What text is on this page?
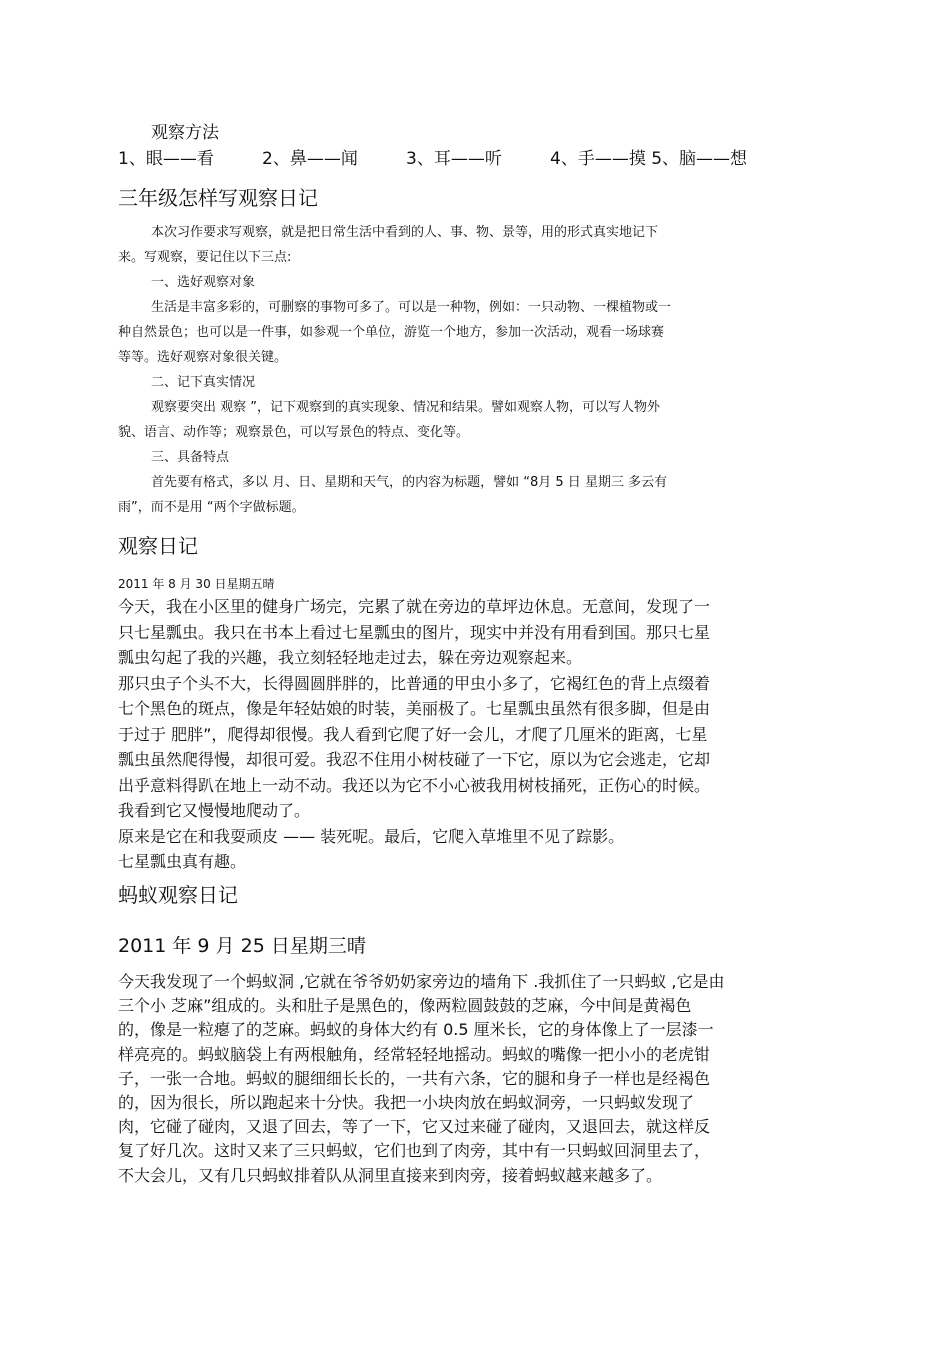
观察方法
1、眼——看	2、鼻——闻	3、耳——听	4、手——摸 5、脑——想
三年级怎样写观察日记
本次习作要求写观察，就是把日常生活中看到的人、事、物、景等，用的形式真实地记下
来。写观察，要记住以下三点:
一、选好观察对象
生活是丰富多彩的，可删察的事物可多了。可以是一种物，例如：一只动物、一棵植物或一
种自然景色；也可以是一件事，如参观一个单位，游览一个地方，参加一次活动，观看一场球赛
等等。选好观察对象很关键。
二、记下真实情况
观察要突出 观察 ”，记下观察到的真实现象、情况和结果。譬如观察人物，可以写人物外
貌、语言、动作等；观察景色，可以写景色的特点、变化等。
三、具备特点
首先要有格式，多以 月、日、星期和天气，的内容为标题，譬如 “8月 5 日 星期三 多云有
雨”，而不是用 “两个字做标题。
观察日记
2011 年 8 月 30 日星期五晴
今天，我在小区里的健身广场完，完累了就在旁边的草坪边休息。无意间，发现了一
只七星瓢虫。我只在书本上看过七星瓢虫的图片，现实中并没有用看到国。那只七星
瓢虫勾起了我的兴趣，我立刻轻轻地走过去，躲在旁边观察起来。
那只虫子个头不大，长得圆圆胖胖的，比普通的甲虫小多了，它褐红色的背上点缀着
七个黑色的斑点，像是年轻姑娘的时装，美丽极了。七星瓢虫虽然有很多脚，但是由
于过于 肥胖”，爬得却很慢。我人看到它爬了好一会儿，才爬了几厘米的距离，七星
瓢虫虽然爬得慢，却很可爱。我忍不住用小树枝碰了一下它，原以为它会逃走，它却
出乎意料得趴在地上一动不动。我还以为它不小心被我用树枝捅死，正伤心的时候。
我看到它又慢慢地爬动了。
原来是它在和我耍顽皮 —— 装死呢。最后，它爬入草堆里不见了踪影。
七星瓢虫真有趣。
蚂蚁观察日记
2011 年 9 月 25 日星期三晴
今天我发现了一个蚂蚁洞 ,它就在爷爷奶奶家旁边的墙角下 .我抓住了一只蚂蚁 ,它是由
三个小 芝麻”组成的。头和肚子是黑色的，像两粒圆鼓鼓的芝麻，今中间是黄褐色
的，像是一粒瘪了的芝麻。蚂蚁的身体大约有 0.5 厘米长，它的身体像上了一层漆一
样亮亮的。蚂蚁脑袋上有两根触角，经常轻轻地摇动。蚂蚁的嘴像一把小小的老虎钳
子，一张一合地。蚂蚁的腿细细长长的，一共有六条，它的腿和身子一样也是经褐色
的，因为很长，所以跑起来十分快。我把一小块肉放在蚂蚁洞旁，一只蚂蚁发现了
肉，它碰了碰肉，又退了回去，等了一下，它又过来碰了碰肉，又退回去，就这样反
复了好几次。这时又来了三只蚂蚁，它们也到了肉旁，其中有一只蚂蚁回洞里去了，
不大会儿，又有几只蚂蚁排着队从洞里直接来到肉旁，接着蚂蚁越来越多了。
